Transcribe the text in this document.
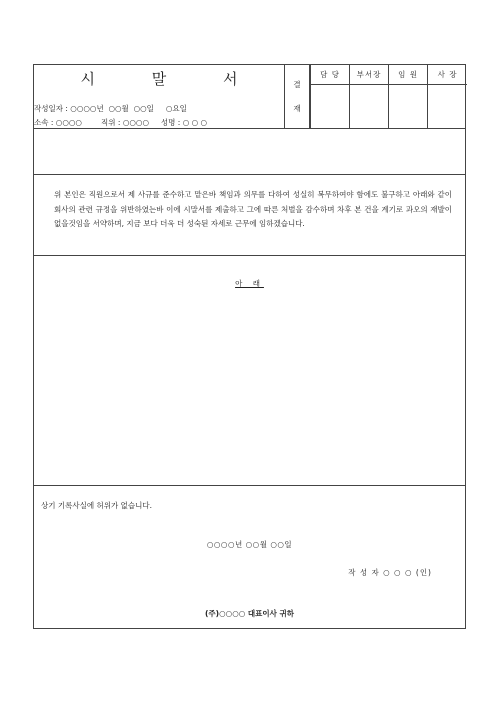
시 말 서
작성일자 : ○○○○년  ○○월  ○○일     ○요일
소속 : ○○○○        직위 : ○○○○     성명 : ○ ○ ○
결
재
담 당	부서장	임 원	사 장
위 본인은 직원으로서 제 사규를 준수하고 맡은바 책임과 의무를 다하여 성실히 복무하여야 함에도 불구하고 아래와 같이 회사의 관련 규정을 위반하였는바 이에 시말서를 제출하고 그에 따른 처벌을 감수하며 차후 본 건을 계기로 과오의 재발이 없을것임을 서약하며, 지금 보다 더욱 더 성숙된 자세로 근무에 임하겠습니다.
아 래
상기 기록사실에 허위가 없습니다.
○○○○년 ○○월 ○○일
작 성 자 ○ ○ ○ (인)
(주)○○○○ 대표이사 귀하
